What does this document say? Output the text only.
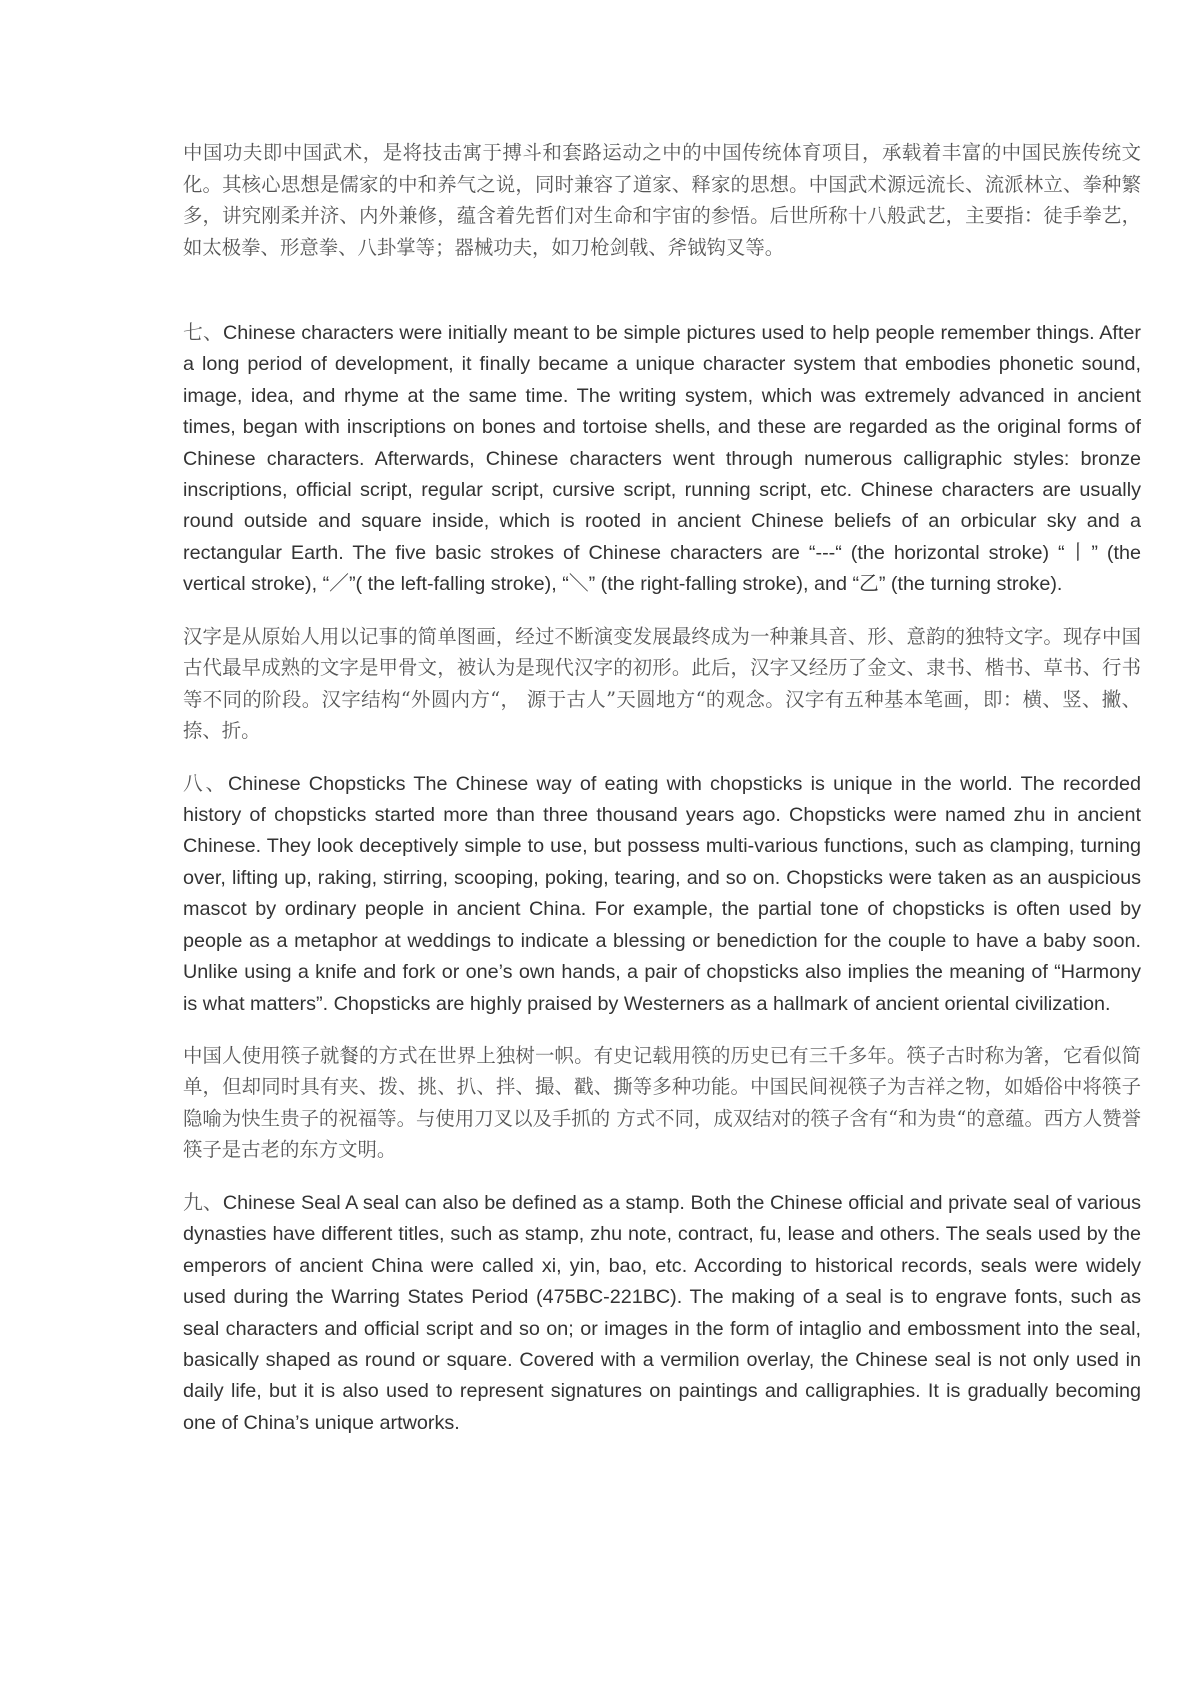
中国功夫即中国武术，是将技击寓于搏斗和套路运动之中的中国传统体育项目，承载着丰富的中国民族传统文化。其核心思想是儒家的中和养气之说，同时兼容了道家、释家的思想。中国武术源远流长、流派林立、拳种繁多，讲究刚柔并济、内外兼修，蕴含着先哲们对生命和宇宙的参悟。后世所称十八般武艺，主要指：徒手拳艺，如太极拳、形意拳、八卦掌等；器械功夫，如刀枪剑戟、斧钺钩叉等。

七、Chinese characters were initially meant to be simple pictures used to help people remember things. After a long period of development, it finally became a unique character system that embodies phonetic sound, image, idea, and rhyme at the same time. The writing system, which was extremely advanced in ancient times, began with inscriptions on bones and tortoise shells, and these are regarded as the original forms of Chinese characters. Afterwards, Chinese characters went through numerous calligraphic styles: bronze inscriptions, official script, regular script, cursive script, running script, etc. Chinese characters are usually round outside and square inside, which is rooted in ancient Chinese beliefs of an orbicular sky and a rectangular Earth. The five basic strokes of Chinese characters are “---“ (the horizontal stroke) “丨” (the vertical stroke), “／”( the left-falling stroke), “＼” (the right-falling stroke), and “乙” (the turning stroke).

汉字是从原始人用以记事的简单图画，经过不断演变发展最终成为一种兼具音、形、意韵的独特文字。现存中国古代最早成熟的文字是甲骨文，被认为是现代汉字的初形。此后，汉字又经历了金文、隶书、楷书、草书、行书等不同的阶段。汉字结构“外圆内方“， 源于古人”天圆地方“的观念。汉字有五种基本笔画，即：横、竖、撇、捺、折。

八、Chinese Chopsticks The Chinese way of eating with chopsticks is unique in the world. The recorded history of chopsticks started more than three thousand years ago. Chopsticks were named zhu in ancient Chinese. They look deceptively simple to use, but possess multi-various functions, such as clamping, turning over, lifting up, raking, stirring, scooping, poking, tearing, and so on. Chopsticks were taken as an auspicious mascot by ordinary people in ancient China. For example, the partial tone of chopsticks is often used by people as a metaphor at weddings to indicate a blessing or benediction for the couple to have a baby soon. Unlike using a knife and fork or one’s own hands, a pair of chopsticks also implies the meaning of “Harmony is what matters”. Chopsticks are highly praised by Westerners as a hallmark of ancient oriental civilization.

中国人使用筷子就餐的方式在世界上独树一帜。有史记载用筷的历史已有三千多年。筷子古时称为箸，它看似简单，但却同时具有夹、拨、挑、扒、拌、撮、戳、撕等多种功能。中国民间视筷子为吉祥之物，如婚俗中将筷子隐喻为快生贵子的祝福等。与使用刀叉以及手抓的 方式不同，成双结对的筷子含有“和为贵“的意蕴。西方人赞誉筷子是古老的东方文明。

九、Chinese Seal A seal can also be defined as a stamp. Both the Chinese official and private seal of various dynasties have different titles, such as stamp, zhu note, contract, fu, lease and others. The seals used by the emperors of ancient China were called xi, yin, bao, etc. According to historical records, seals were widely used during the Warring States Period (475BC-221BC). The making of a seal is to engrave fonts, such as seal characters and official script and so on; or images in the form of intaglio and embossment into the seal, basically shaped as round or square. Covered with a vermilion overlay, the Chinese seal is not only used in daily life, but it is also used to represent signatures on paintings and calligraphies. It is gradually becoming one of China’s unique artworks.
